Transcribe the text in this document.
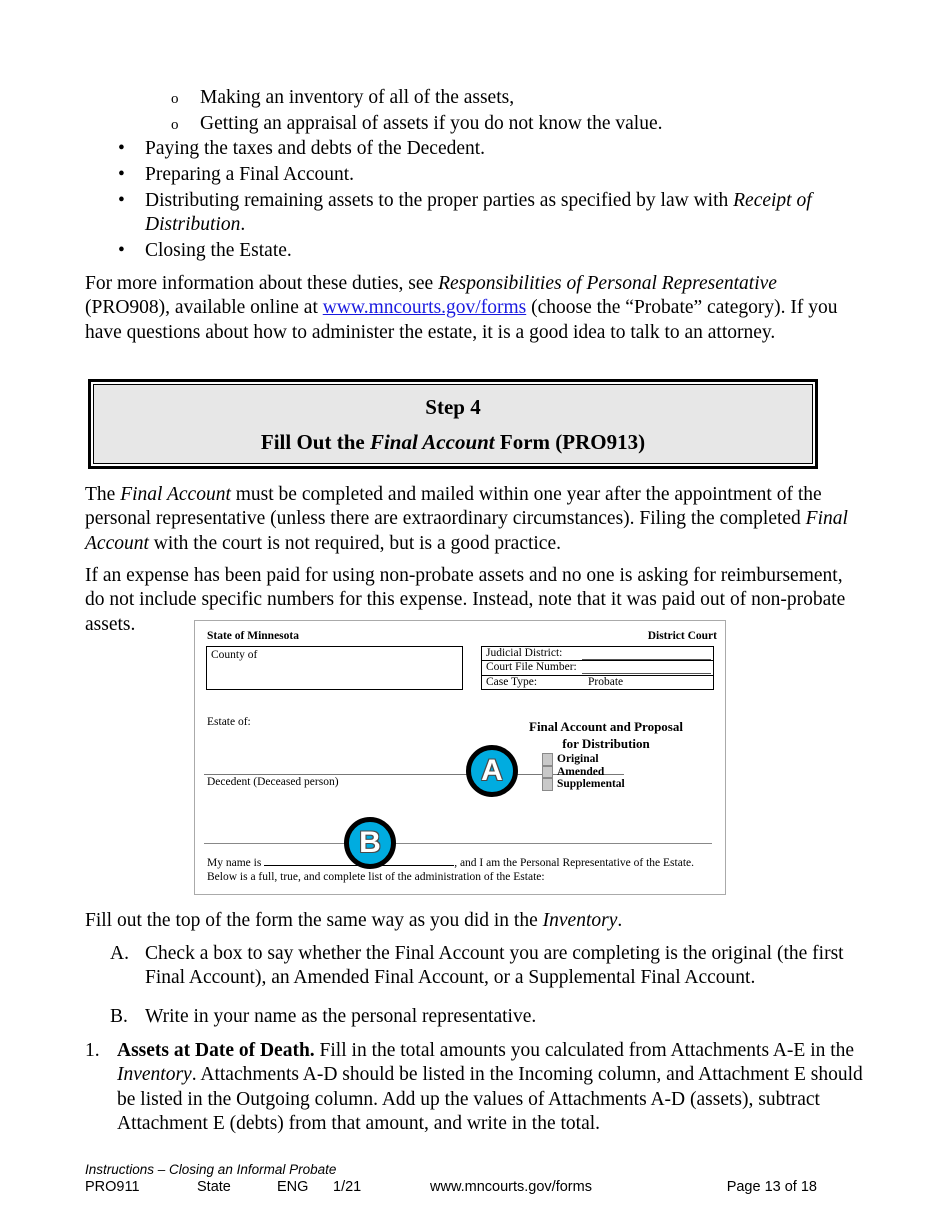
o Making an inventory of all of the assets,
o Getting an appraisal of assets if you do not know the value.
• Paying the taxes and debts of the Decedent.
• Preparing a Final Account.
• Distributing remaining assets to the proper parties as specified by law with Receipt of Distribution.
• Closing the Estate.
For more information about these duties, see Responsibilities of Personal Representative (PRO908), available online at www.mncourts.gov/forms (choose the “Probate” category). If you have questions about how to administer the estate, it is a good idea to talk to an attorney.
Step 4
Fill Out the Final Account Form (PRO913)
The Final Account must be completed and mailed within one year after the appointment of the personal representative (unless there are extraordinary circumstances). Filing the completed Final Account with the court is not required, but is a good practice.
If an expense has been paid for using non-probate assets and no one is asking for reimbursement, do not include specific numbers for this expense. Instead, note that it was paid out of non-probate assets.
State of Minnesota	District Court
County of	Judicial District:
Court File Number:
Case Type:	Probate
Estate of:
Decedent (Deceased person)
Final Account and Proposal
for Distribution
Original
Amended
Supplemental
My name is	, and I am the Personal Representative of the Estate. Below is a full, true, and complete list of the administration of the Estate:
A
B
Fill out the top of the form the same way as you did in the Inventory.
A. Check a box to say whether the Final Account you are completing is the original (the first Final Account), an Amended Final Account, or a Supplemental Final Account.
B. Write in your name as the personal representative.
1. Assets at Date of Death. Fill in the total amounts you calculated from Attachments A-E in the Inventory. Attachments A-D should be listed in the Incoming column, and Attachment E should be listed in the Outgoing column. Add up the values of Attachments A-D (assets), subtract Attachment E (debts) from that amount, and write in the total.
Instructions – Closing an Informal Probate
PRO911	State	ENG 1/21	www.mncourts.gov/forms	Page 13 of 18
